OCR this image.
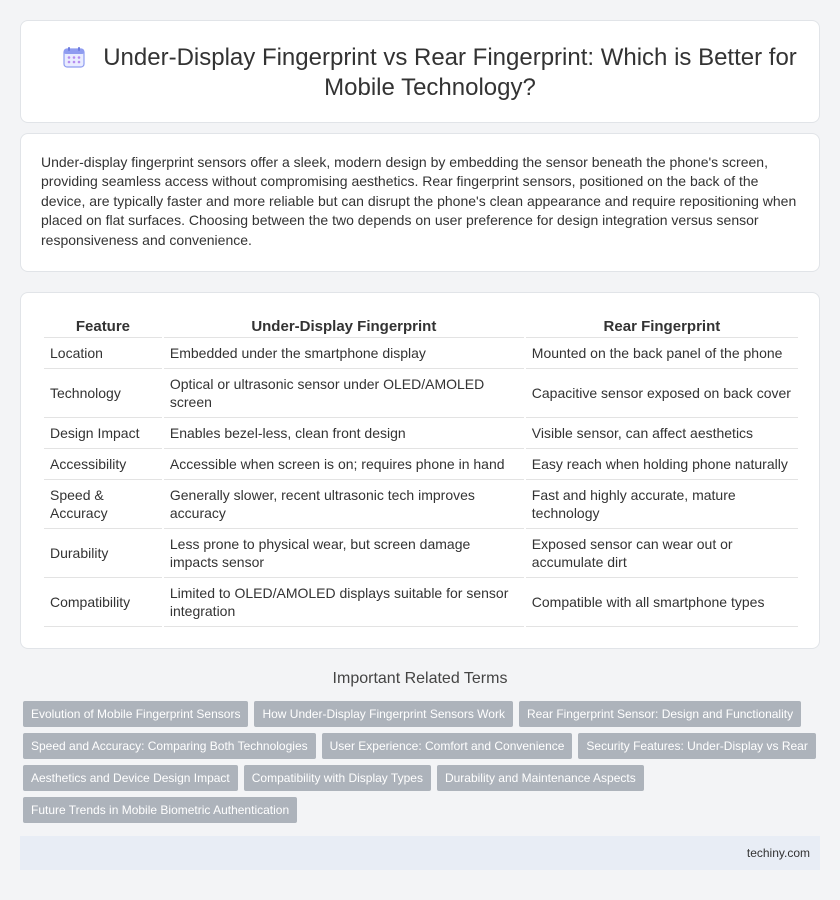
Under-Display Fingerprint vs Rear Fingerprint: Which is Better for Mobile Technology?

Under-display fingerprint sensors offer a sleek, modern design by embedding the sensor beneath the phone's screen, providing seamless access without compromising aesthetics. Rear fingerprint sensors, positioned on the back of the device, are typically faster and more reliable but can disrupt the phone's clean appearance and require repositioning when placed on flat surfaces. Choosing between the two depends on user preference for design integration versus sensor responsiveness and convenience.

Feature	Under-Display Fingerprint	Rear Fingerprint
Location	Embedded under the smartphone display	Mounted on the back panel of the phone
Technology	Optical or ultrasonic sensor under OLED/AMOLED screen	Capacitive sensor exposed on back cover
Design Impact	Enables bezel-less, clean front design	Visible sensor, can affect aesthetics
Accessibility	Accessible when screen is on; requires phone in hand	Easy reach when holding phone naturally
Speed & Accuracy	Generally slower, recent ultrasonic tech improves accuracy	Fast and highly accurate, mature technology
Durability	Less prone to physical wear, but screen damage impacts sensor	Exposed sensor can wear out or accumulate dirt
Compatibility	Limited to OLED/AMOLED displays suitable for sensor integration	Compatible with all smartphone types
Important Related Terms
Evolution of Mobile Fingerprint Sensors	How Under-Display Fingerprint Sensors Work	Rear Fingerprint Sensor: Design and Functionality
Speed and Accuracy: Comparing Both Technologies	User Experience: Comfort and Convenience	Security Features: Under-Display vs Rear
Aesthetics and Device Design Impact	Compatibility with Display Types	Durability and Maintenance Aspects
Future Trends in Mobile Biometric Authentication
techiny.com
